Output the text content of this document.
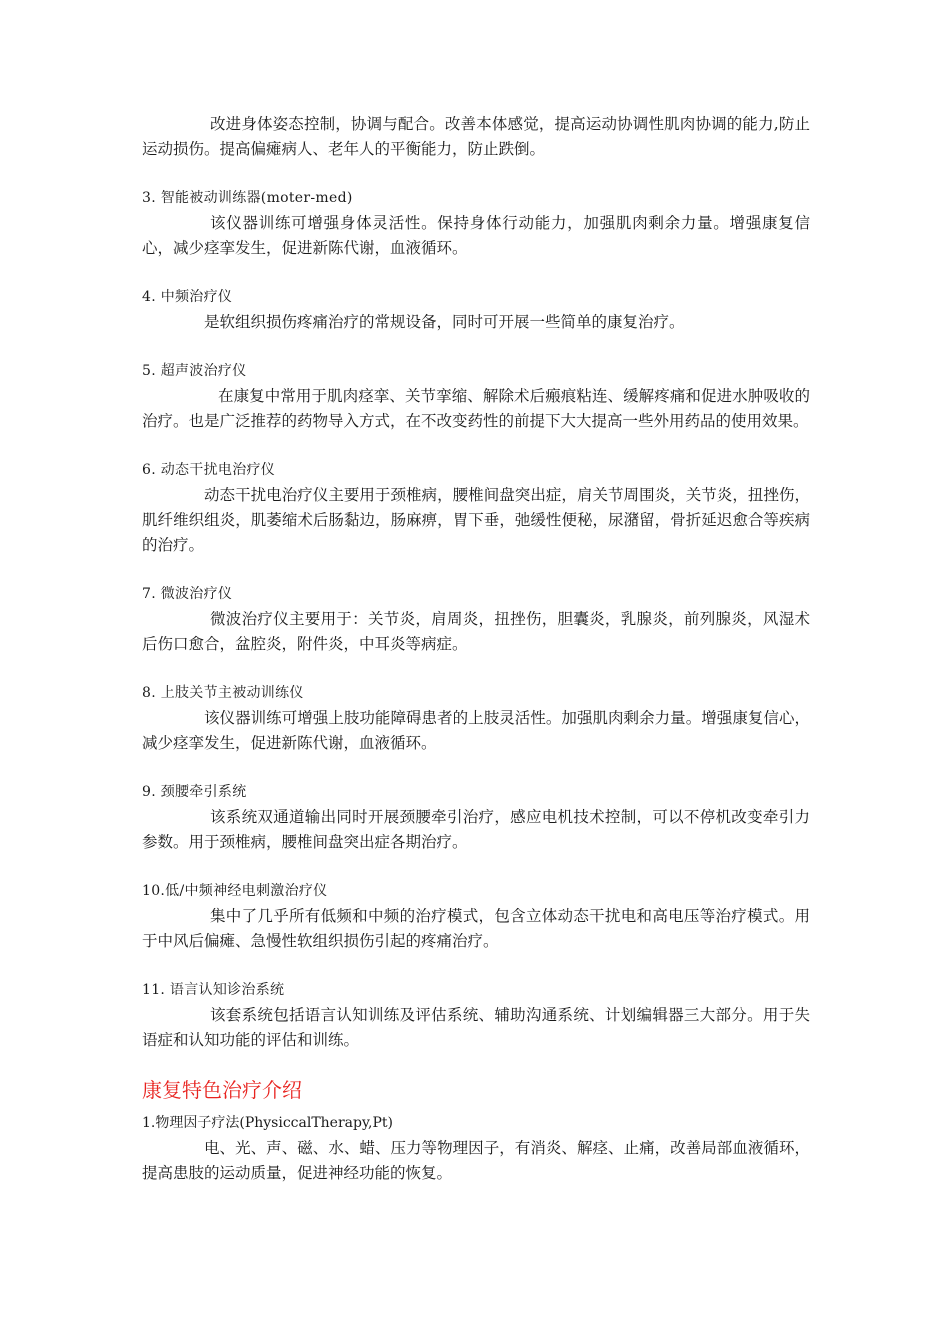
改进身体姿态控制，协调与配合。改善本体感觉，提高运动协调性肌肉协调的能力,防止运动损伤。提高偏瘫病人、老年人的平衡能力，防止跌倒。

3. 智能被动训练器(moter-med)

该仪器训练可增强身体灵活性。保持身体行动能力，加强肌肉剩余力量。增强康复信心，减少痉挛发生，促进新陈代谢，血液循环。

4. 中频治疗仪

是软组织损伤疼痛治疗的常规设备，同时可开展一些简单的康复治疗。

5. 超声波治疗仪

在康复中常用于肌肉痉挛、关节挛缩、解除术后瘢痕粘连、缓解疼痛和促进水肿吸收的治疗。也是广泛推荐的药物导入方式，在不改变药性的前提下大大提高一些外用药品的使用效果。

6. 动态干扰电治疗仪

动态干扰电治疗仪主要用于颈椎病，腰椎间盘突出症，肩关节周围炎，关节炎，扭挫伤，肌纤维织组炎，肌萎缩术后肠黏边，肠麻痹，胃下垂，弛缓性便秘，尿潴留，骨折延迟愈合等疾病的治疗。

7. 微波治疗仪

微波治疗仪主要用于：关节炎，肩周炎，扭挫伤，胆囊炎，乳腺炎，前列腺炎，风湿术后伤口愈合，盆腔炎，附件炎，中耳炎等病症。

8. 上肢关节主被动训练仪

该仪器训练可增强上肢功能障碍患者的上肢灵活性。加强肌肉剩余力量。增强康复信心，减少痉挛发生，促进新陈代谢，血液循环。

9. 颈腰牵引系统

该系统双通道输出同时开展颈腰牵引治疗，感应电机技术控制，可以不停机改变牵引力参数。用于颈椎病，腰椎间盘突出症各期治疗。

10.低/中频神经电刺激治疗仪

集中了几乎所有低频和中频的治疗模式，包含立体动态干扰电和高电压等治疗模式。用于中风后偏瘫、急慢性软组织损伤引起的疼痛治疗。

11. 语言认知诊治系统

该套系统包括语言认知训练及评估系统、辅助沟通系统、计划编辑器三大部分。用于失语症和认知功能的评估和训练。

康复特色治疗介绍

1.物理因子疗法(PhysiccalTherapy,Pt)

电、光、声、磁、水、蜡、压力等物理因子，有消炎、解痉、止痛，改善局部血液循环，提高患肢的运动质量，促进神经功能的恢复。
